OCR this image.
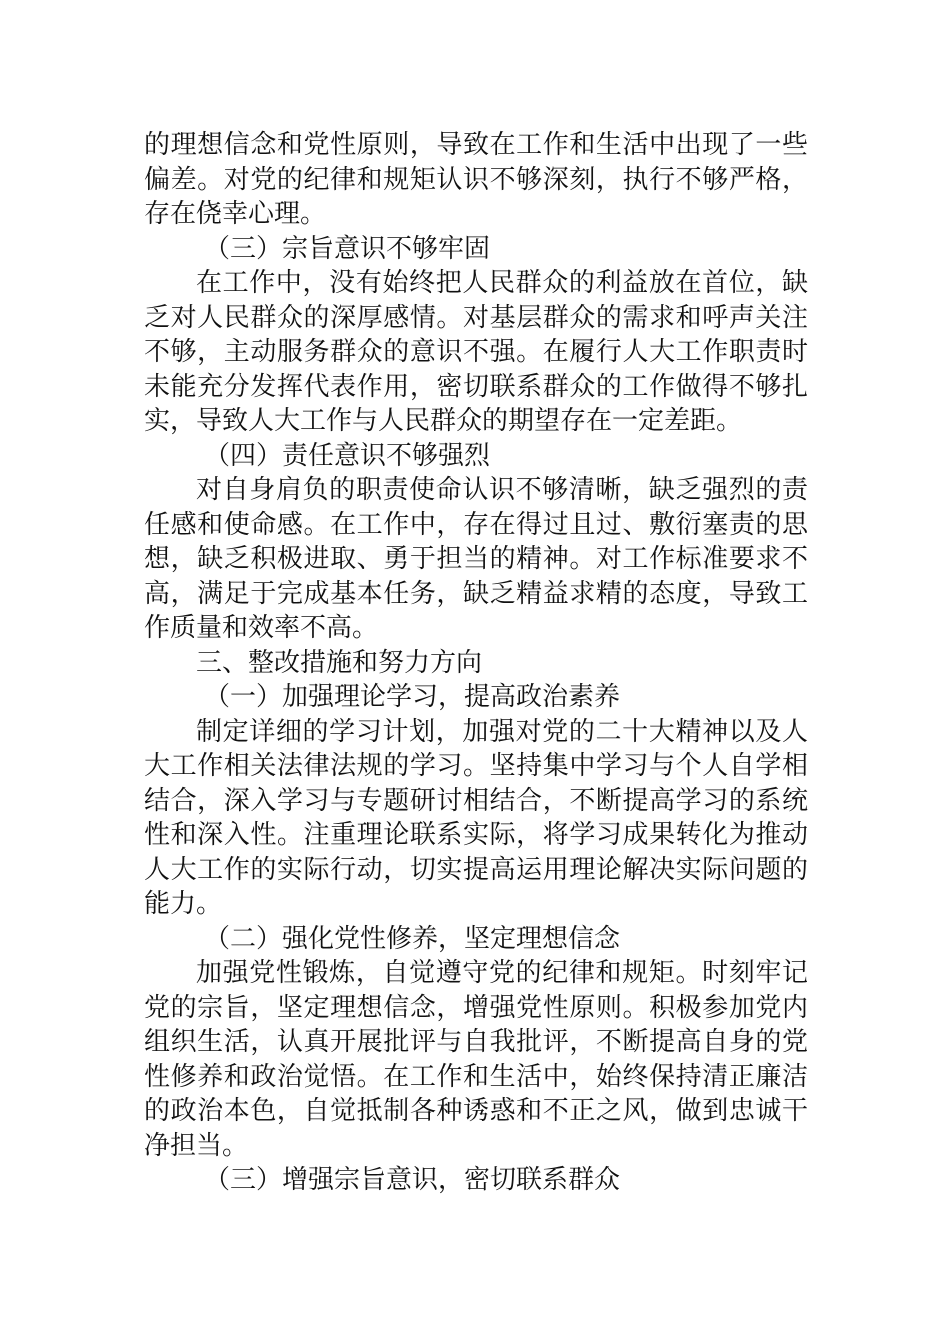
的理想信念和党性原则，导致在工作和生活中出现了一些偏差。对党的纪律和规矩认识不够深刻，执行不够严格，存在侥幸心理。

（三）宗旨意识不够牢固

在工作中，没有始终把人民群众的利益放在首位，缺乏对人民群众的深厚感情。对基层群众的需求和呼声关注不够，主动服务群众的意识不强。在履行人大工作职责时未能充分发挥代表作用，密切联系群众的工作做得不够扎实，导致人大工作与人民群众的期望存在一定差距。

（四）责任意识不够强烈

对自身肩负的职责使命认识不够清晰，缺乏强烈的责任感和使命感。在工作中，存在得过且过、敷衍塞责的思想，缺乏积极进取、勇于担当的精神。对工作标准要求不高，满足于完成基本任务，缺乏精益求精的态度，导致工作质量和效率不高。

三、整改措施和努力方向

（一）加强理论学习，提高政治素养

制定详细的学习计划，加强对党的二十大精神以及人大工作相关法律法规的学习。坚持集中学习与个人自学相结合，深入学习与专题研讨相结合，不断提高学习的系统性和深入性。注重理论联系实际，将学习成果转化为推动人大工作的实际行动，切实提高运用理论解决实际问题的能力。

（二）强化党性修养，坚定理想信念

加强党性锻炼，自觉遵守党的纪律和规矩。时刻牢记党的宗旨，坚定理想信念，增强党性原则。积极参加党内组织生活，认真开展批评与自我批评，不断提高自身的党性修养和政治觉悟。在工作和生活中，始终保持清正廉洁的政治本色，自觉抵制各种诱惑和不正之风，做到忠诚干净担当。

（三）增强宗旨意识，密切联系群众
